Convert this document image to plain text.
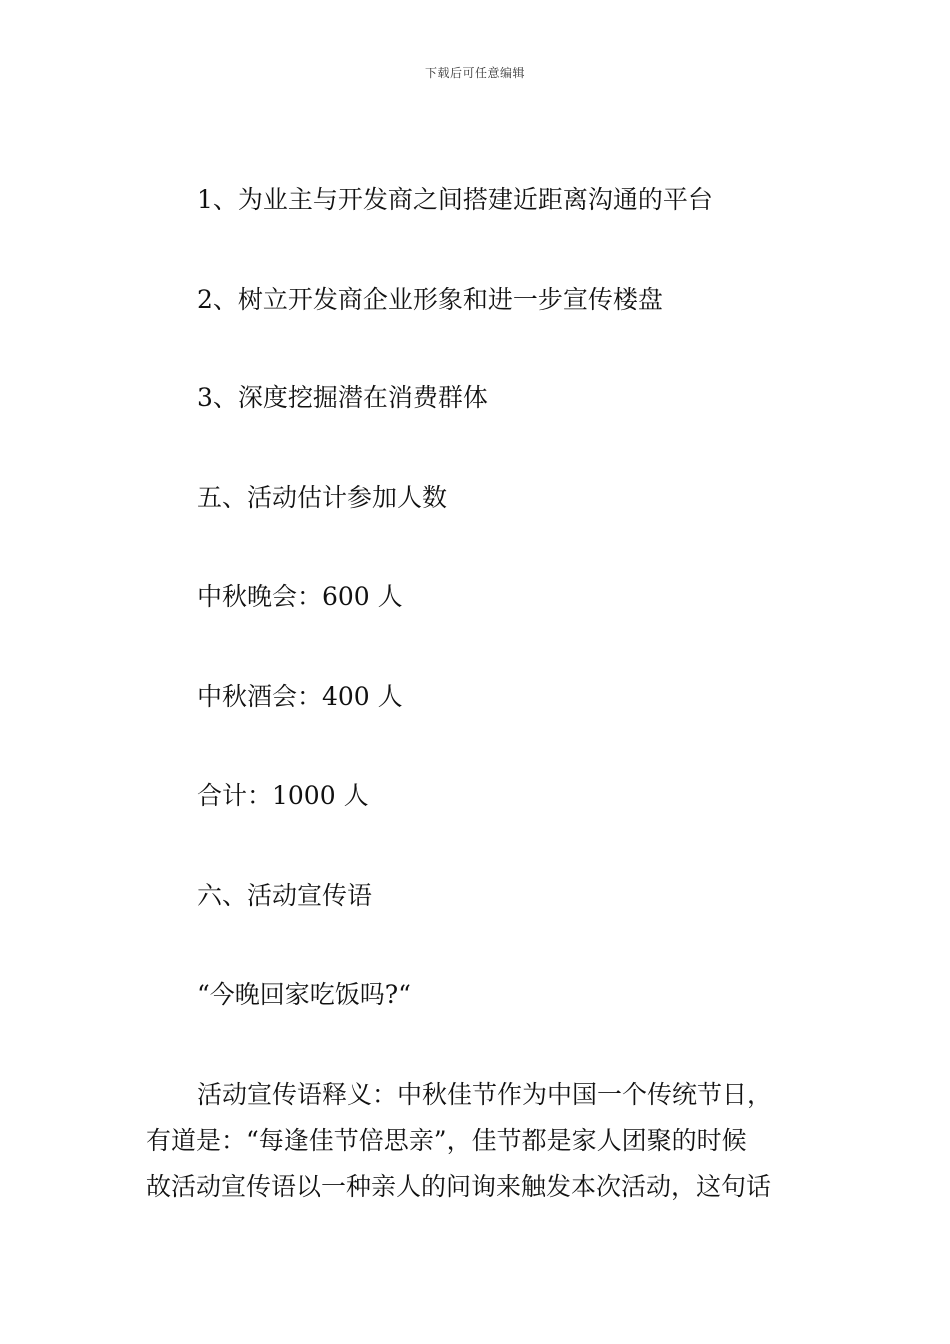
下载后可任意编辑
1、为业主与开发商之间搭建近距离沟通的平台
2、树立开发商企业形象和进一步宣传楼盘
3、深度挖掘潜在消费群体
五、活动估计参加人数
中秋晚会：600 人
中秋酒会：400 人
合计：1000 人
六、活动宣传语
“今晚回家吃饭吗?“
活动宣传语释义：中秋佳节作为中国一个传统节日，
有道是：“每逢佳节倍思亲”，佳节都是家人团聚的时候
故活动宣传语以一种亲人的问询来触发本次活动，这句话
